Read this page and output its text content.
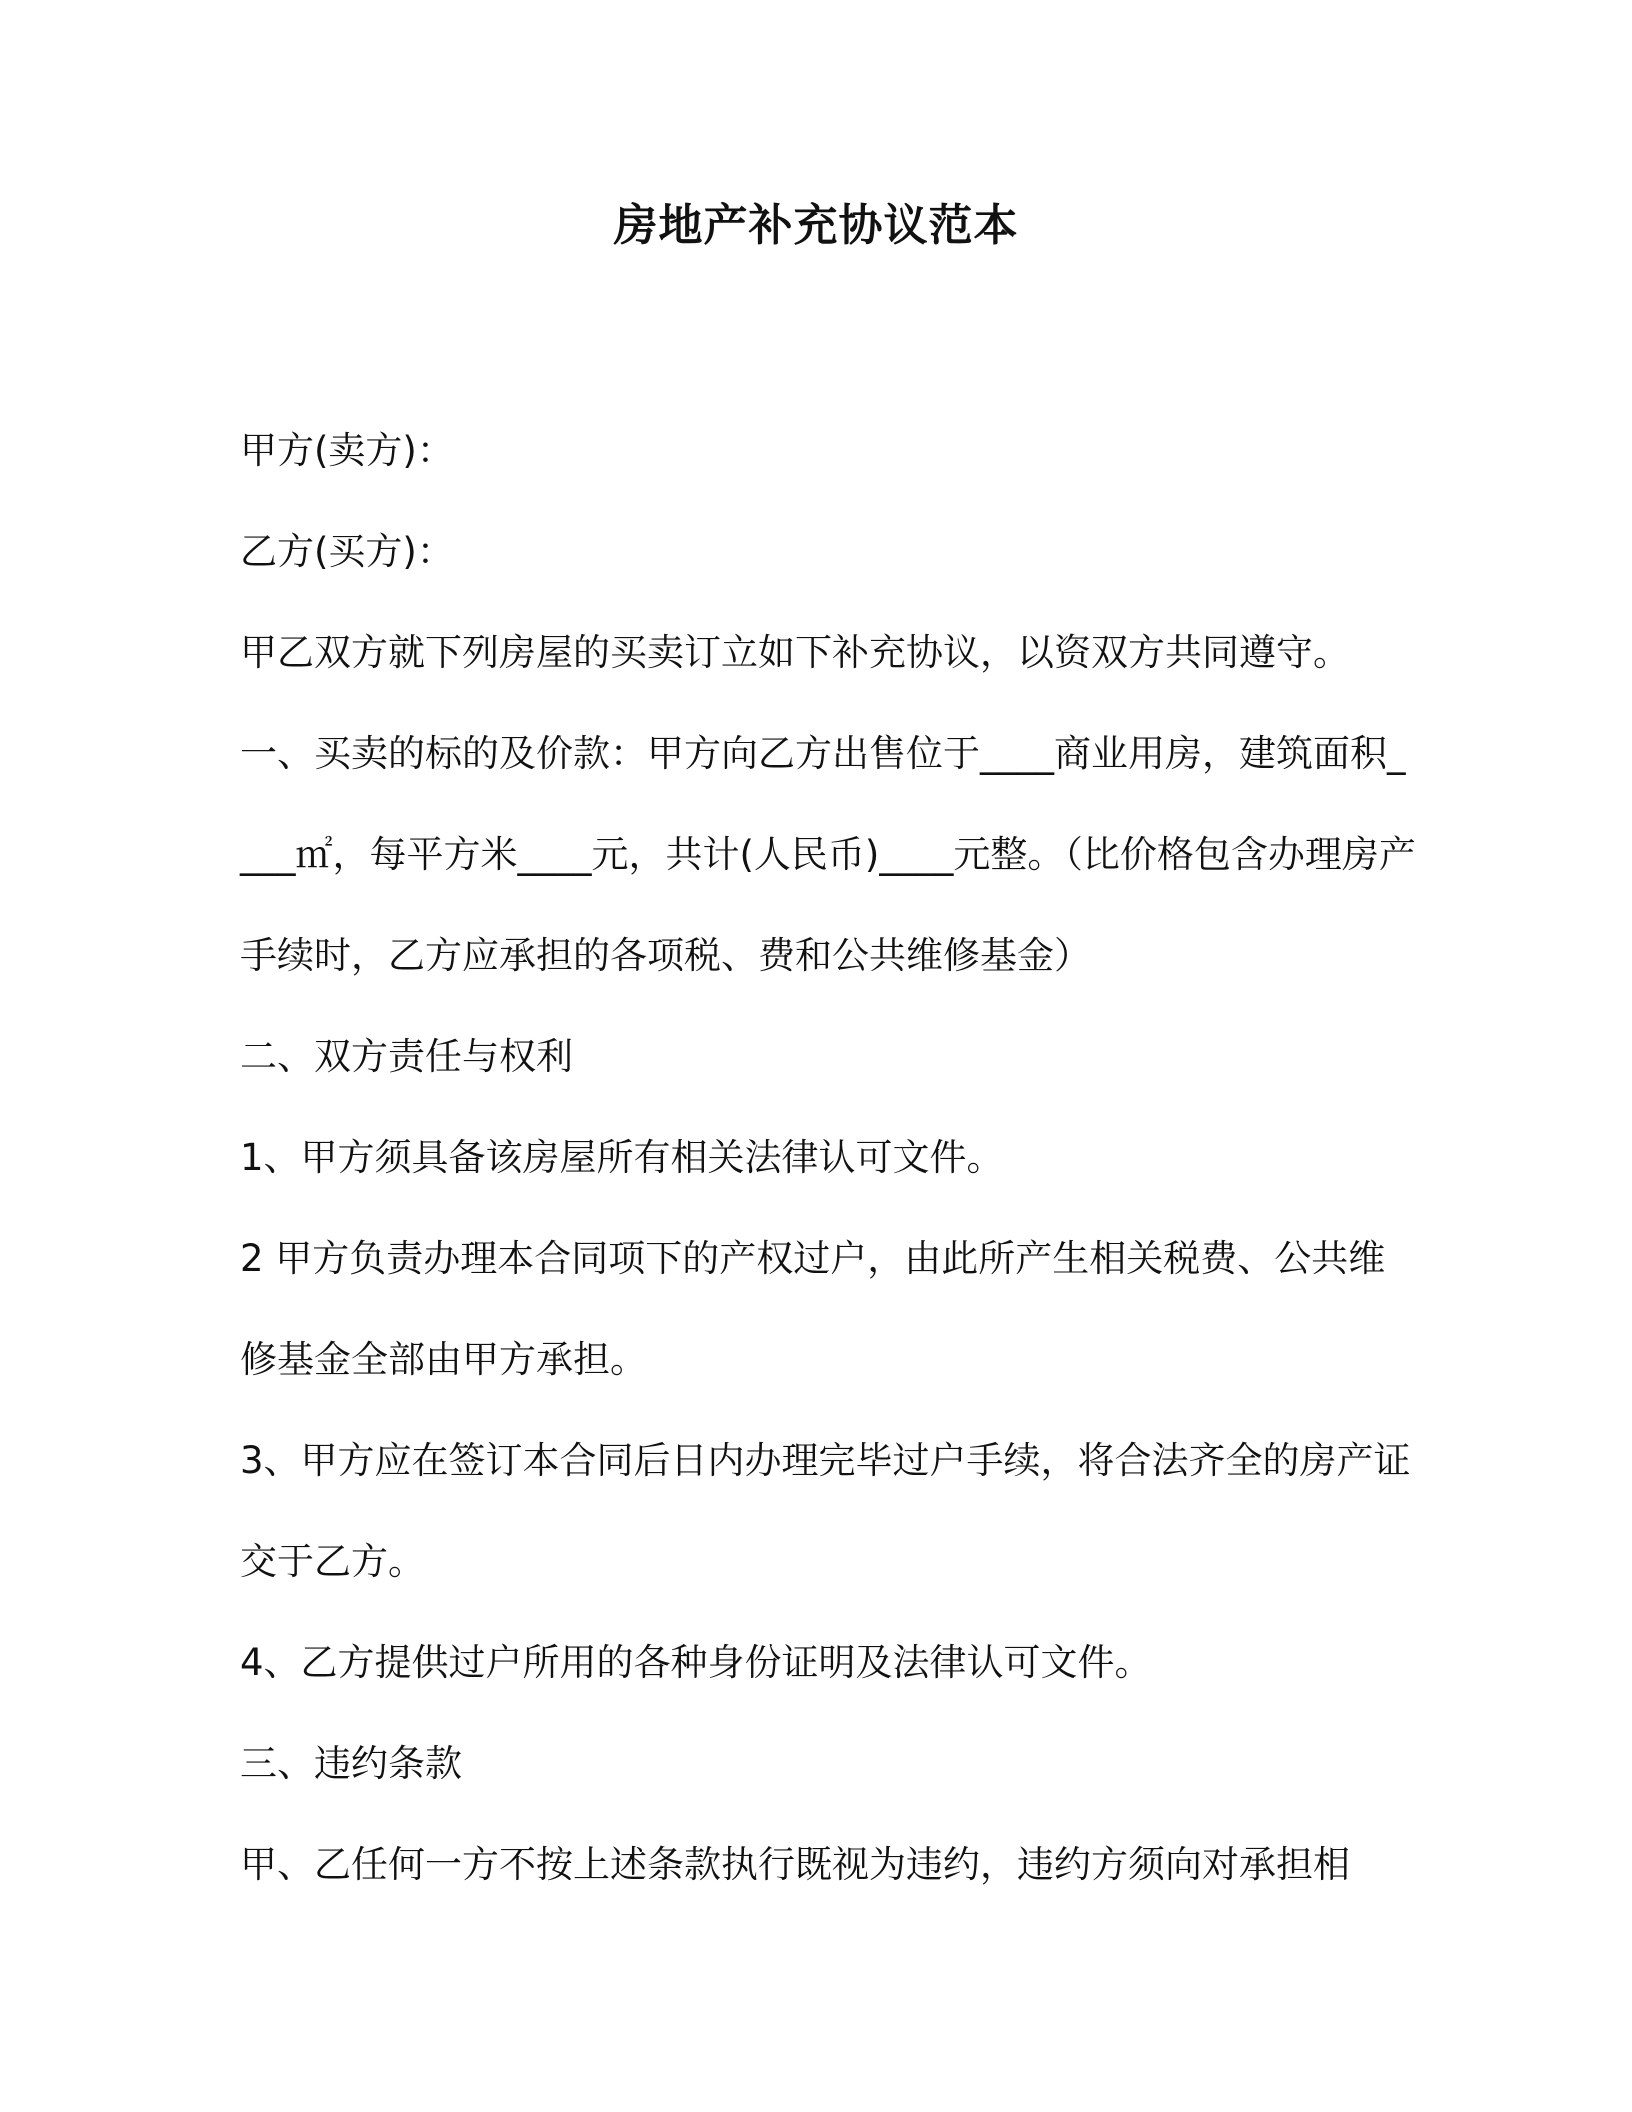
房地产补充协议范本

甲方(卖方)：

乙方(买方)：

甲乙双方就下列房屋的买卖订立如下补充协议，以资双方共同遵守。

一、买卖的标的及价款：甲方向乙方出售位于____商业用房，建筑面积____㎡，每平方米____元，共计(人民币)____元整。（比价格包含办理房产手续时，乙方应承担的各项税、费和公共维修基金）

二、双方责任与权利

1、甲方须具备该房屋所有相关法律认可文件。

2 甲方负责办理本合同项下的产权过户，由此所产生相关税费、公共维修基金全部由甲方承担。

3、甲方应在签订本合同后日内办理完毕过户手续，将合法齐全的房产证交于乙方。

4、乙方提供过户所用的各种身份证明及法律认可文件。

三、违约条款

甲、乙任何一方不按上述条款执行既视为违约，违约方须向对承担相
